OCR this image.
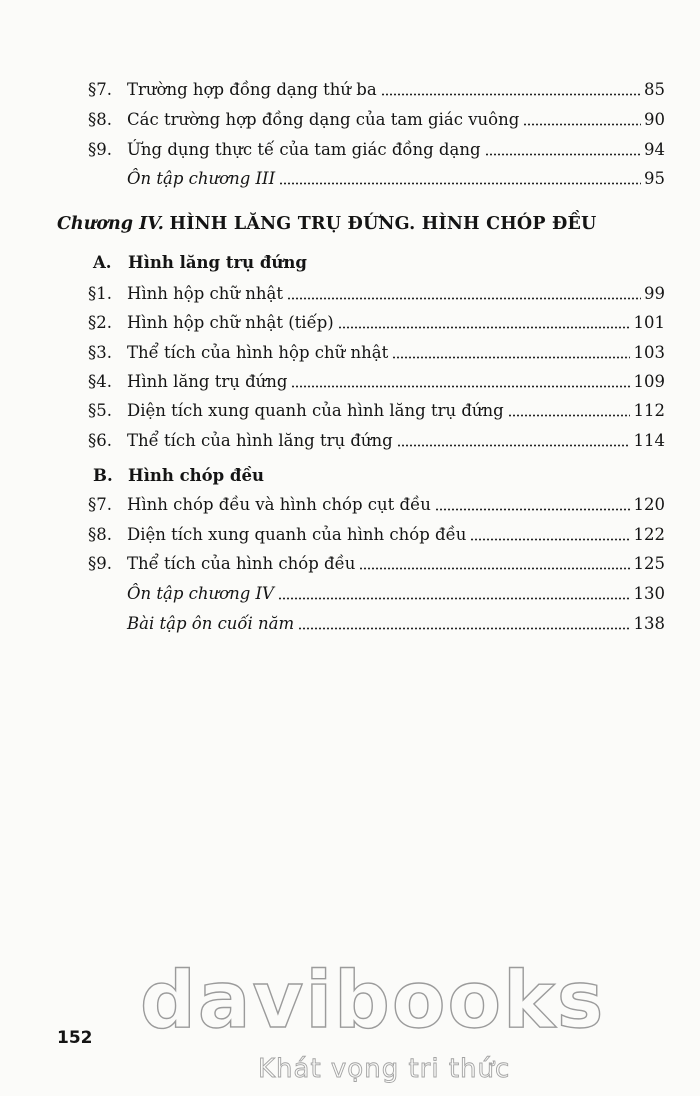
§7. Trường hợp đồng dạng thứ ba	85
§8. Các trường hợp đồng dạng của tam giác vuông	90
§9. Ứng dụng thực tế của tam giác đồng dạng	94
Ôn tập chương III	95
Chương IV. HÌNH LĂNG TRỤ ĐỨNG. HÌNH CHÓP ĐỀU
A. Hình lăng trụ đứng
§1. Hình hộp chữ nhật	99
§2. Hình hộp chữ nhật (tiếp)	101
§3. Thể tích của hình hộp chữ nhật	103
§4. Hình lăng trụ đứng	109
§5. Diện tích xung quanh của hình lăng trụ đứng	112
§6. Thể tích của hình lăng trụ đứng	114
B. Hình chóp đều
§7. Hình chóp đều và hình chóp cụt đều	120
§8. Diện tích xung quanh của hình chóp đều	122
§9. Thể tích của hình chóp đều	125
Ôn tập chương IV	130
Bài tập ôn cuối năm	138
152 davibooks
Khát vọng tri thức
